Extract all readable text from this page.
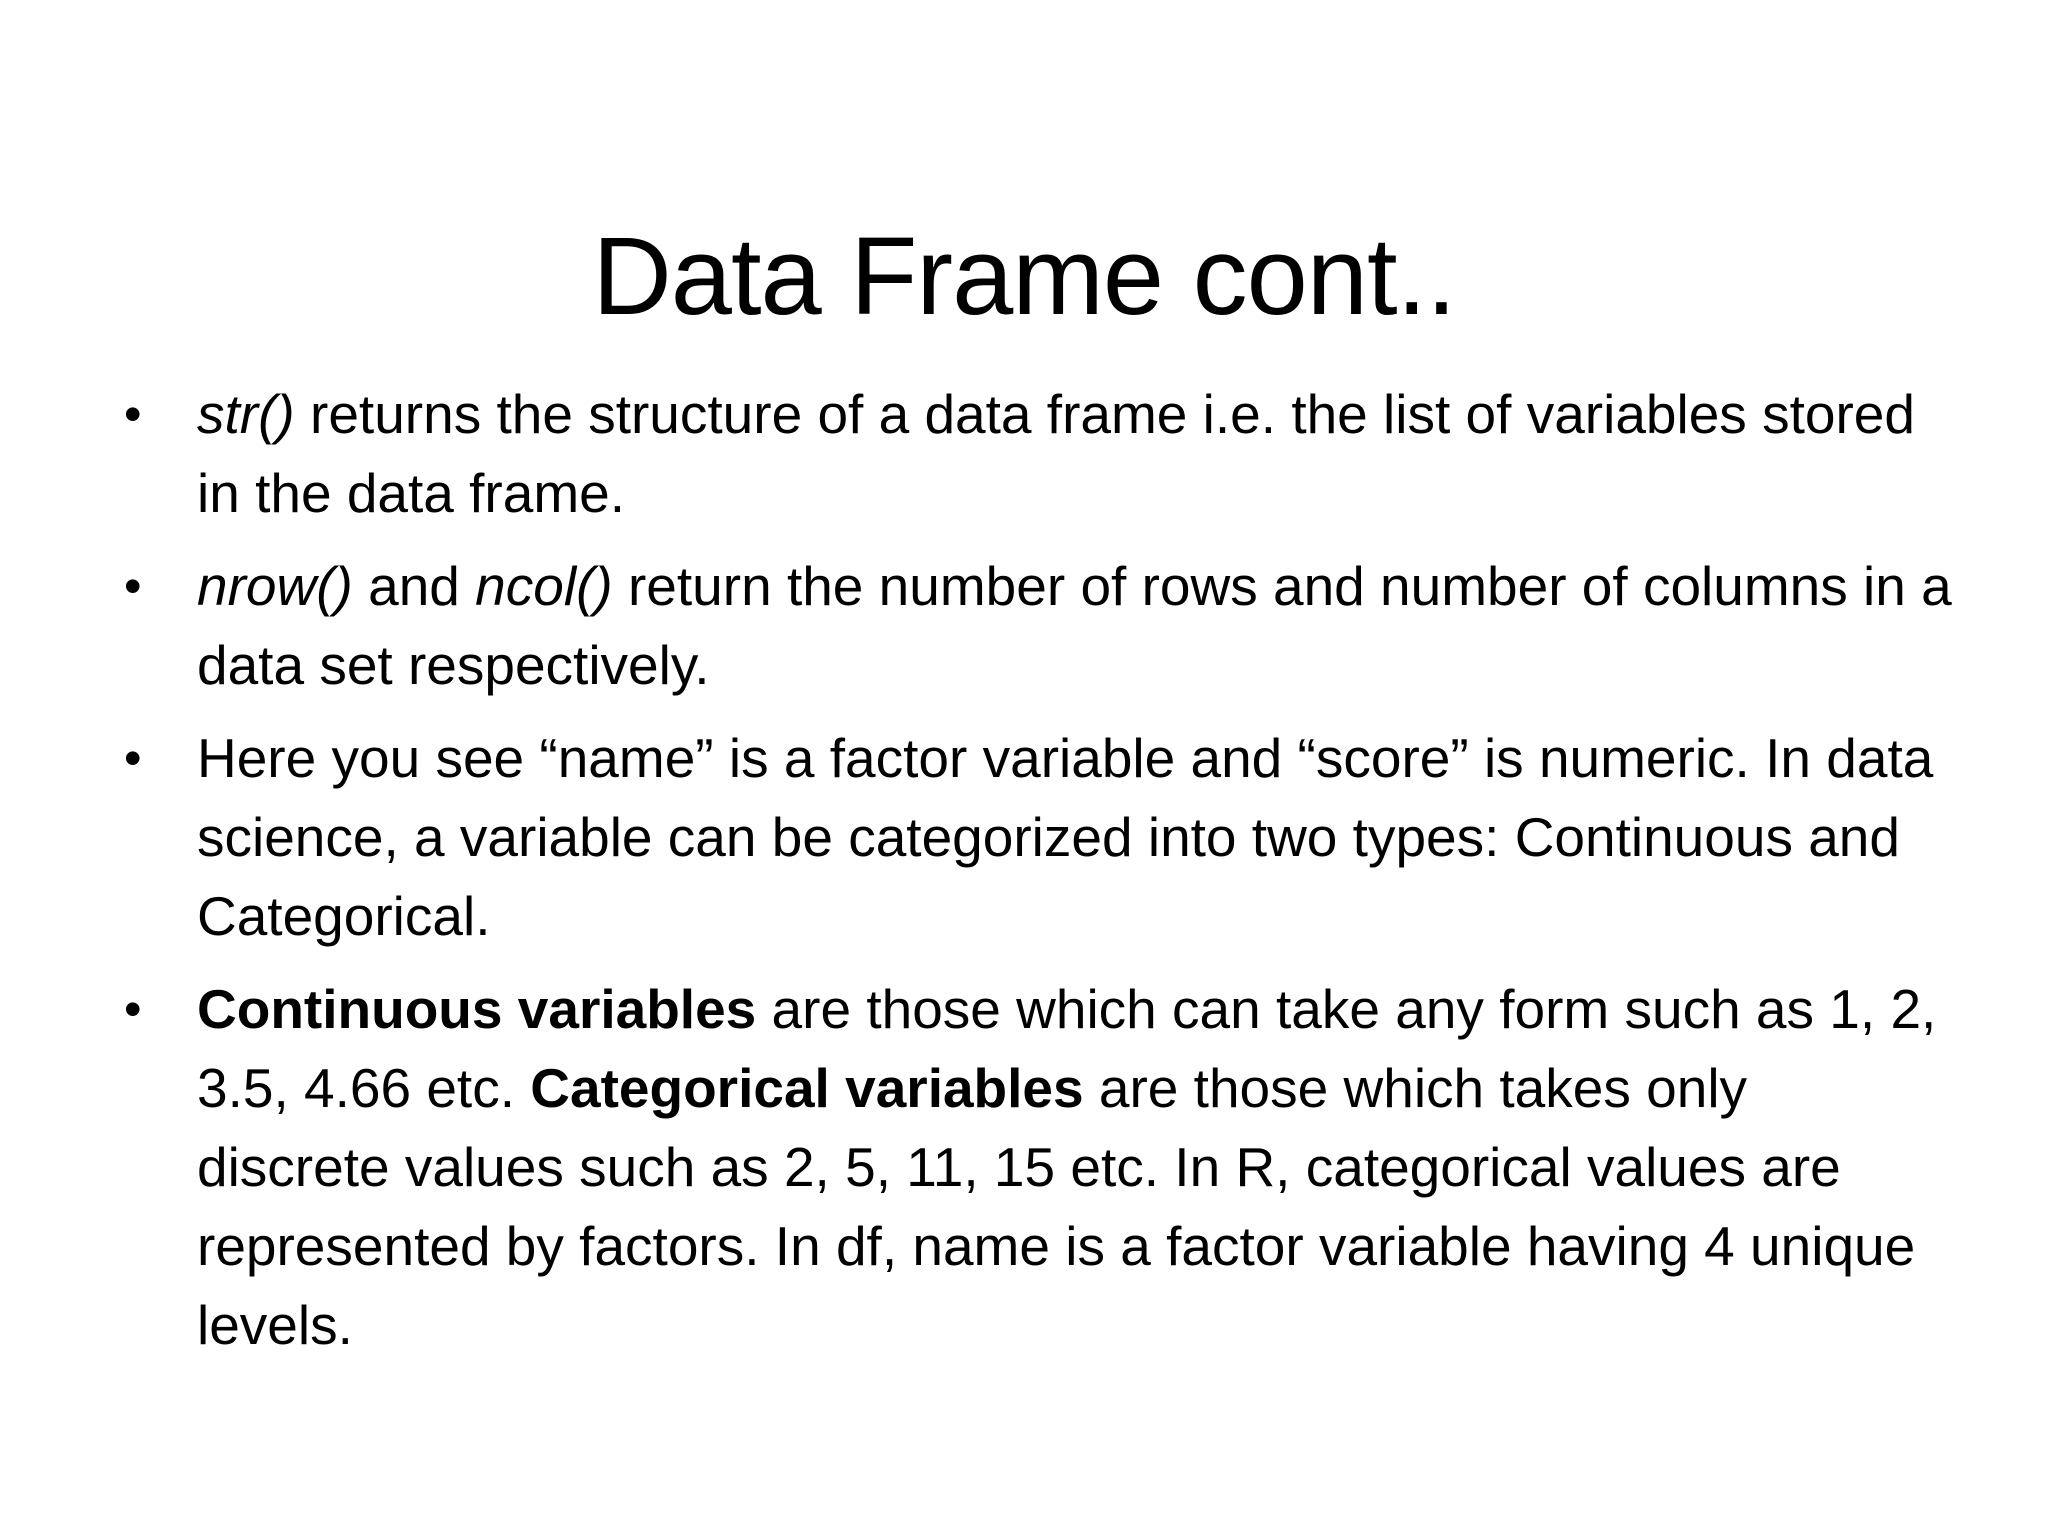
Data Frame cont..
• str() returns the structure of a data frame i.e. the list of variables stored in the data frame.
• nrow() and ncol() return the number of rows and number of columns in a data set respectively.
• Here you see “name” is a factor variable and “score” is numeric. In data science, a variable can be categorized into two types: Continuous and Categorical.
• Continuous variables are those which can take any form such as 1, 2, 3.5, 4.66 etc. Categorical variables are those which takes only discrete values such as 2, 5, 11, 15 etc. In R, categorical values are represented by factors. In df, name is a factor variable having 4 unique levels.
